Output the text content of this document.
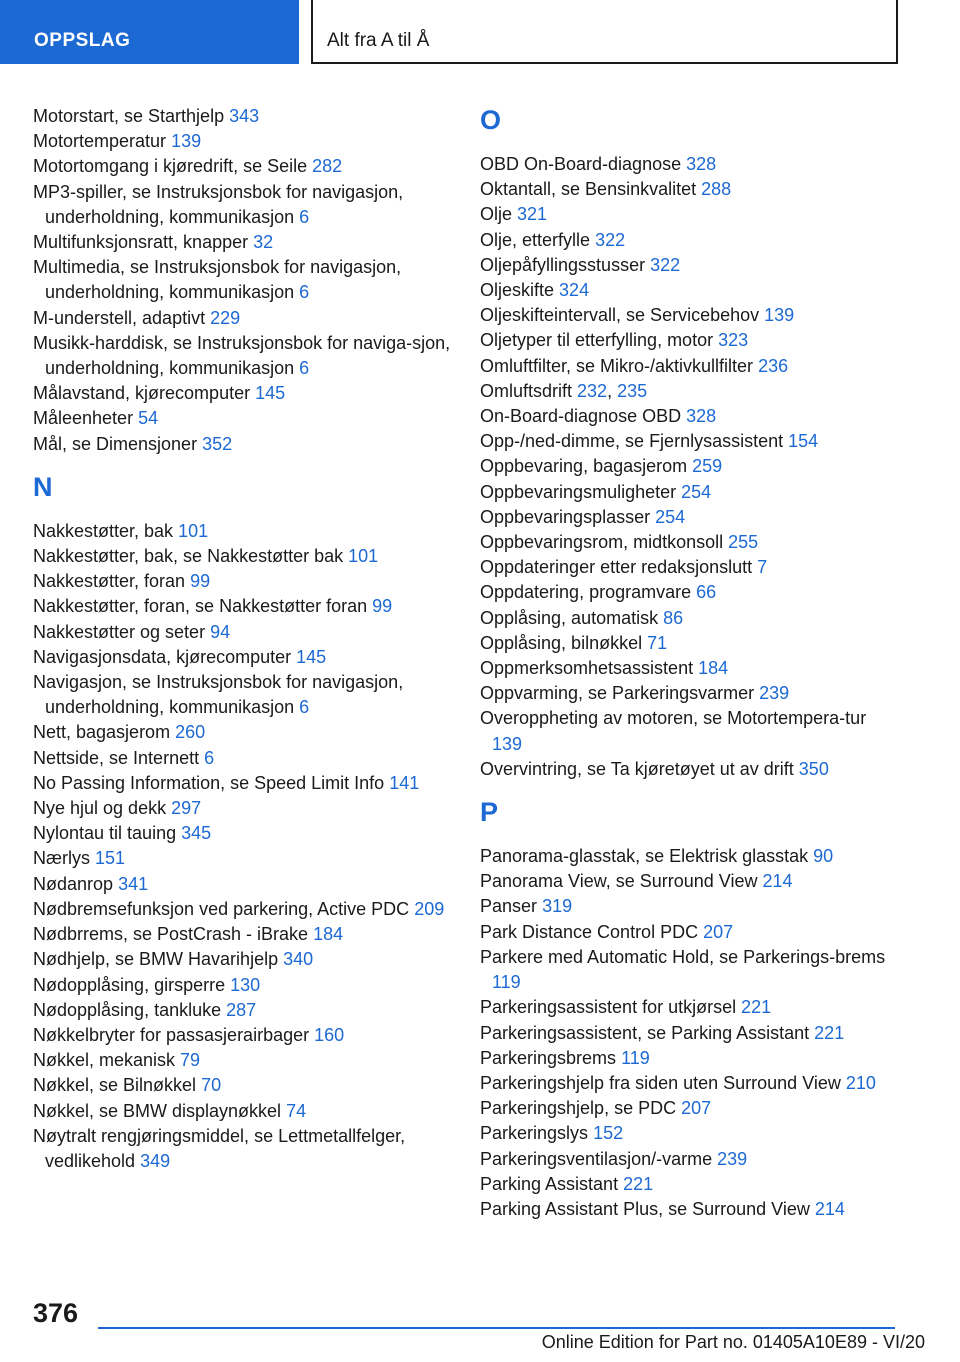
OPPSLAG	Alt fra A til Å
Motorstart, se Starthjelp 343
Motortemperatur 139
Motortomgang i kjøredrift, se Seile 282
MP3-spiller, se Instruksjonsbok for navigasjon, underholdning, kommunikasjon 6
Multifunksjonsratt, knapper 32
Multimedia, se Instruksjonsbok for navigasjon, underholdning, kommunikasjon 6
M-understell, adaptivt 229
Musikk-harddisk, se Instruksjonsbok for naviga‐sjon, underholdning, kommunikasjon 6
Målavstand, kjørecomputer 145
Måleenheter 54
Mål, se Dimensjoner 352
N
Nakkestøtter, bak 101
Nakkestøtter, bak, se Nakkestøtter bak 101
Nakkestøtter, foran 99
Nakkestøtter, foran, se Nakkestøtter foran 99
Nakkestøtter og seter 94
Navigasjonsdata, kjørecomputer 145
Navigasjon, se Instruksjonsbok for navigasjon, underholdning, kommunikasjon 6
Nett, bagasjerom 260
Nettside, se Internett 6
No Passing Information, se Speed Limit Info 141
Nye hjul og dekk 297
Nylontau til tauing 345
Nærlys 151
Nødanrop 341
Nødbremsefunksjon ved parkering, Active PDC 209
Nødbrrems, se PostCrash - iBrake 184
Nødhjelp, se BMW Havarihjelp 340
Nødopplåsing, girsperre 130
Nødopplåsing, tankluke 287
Nøkkelbryter for passasjerairbager 160
Nøkkel, mekanisk 79
Nøkkel, se Bilnøkkel 70
Nøkkel, se BMW displaynøkkel 74
Nøytralt rengjøringsmiddel, se Lettmetallfelger, vedlikehold 349
O
OBD On-Board-diagnose 328
Oktantall, se Bensinkvalitet 288
Olje 321
Olje, etterfylle 322
Oljepåfyllingsstusser 322
Oljeskifte 324
Oljeskifteintervall, se Servicebehov 139
Oljetyper til etterfylling, motor 323
Omluftfilter, se Mikro-/aktivkullfilter 236
Omluftsdrift 232, 235
On-Board-diagnose OBD 328
Opp-/ned-dimme, se Fjernlysassistent 154
Oppbevaring, bagasjerom 259
Oppbevaringsmuligheter 254
Oppbevaringsplasser 254
Oppbevaringsrom, midtkonsoll 255
Oppdateringer etter redaksjonslutt 7
Oppdatering, programvare 66
Opplåsing, automatisk 86
Opplåsing, bilnøkkel 71
Oppmerksomhetsassistent 184
Oppvarming, se Parkeringsvarmer 239
Overoppheting av motoren, se Motortempera‐tur 139
Overvintring, se Ta kjøretøyet ut av drift 350
P
Panorama-glasstak, se Elektrisk glasstak 90
Panorama View, se Surround View 214
Panser 319
Park Distance Control PDC 207
Parkere med Automatic Hold, se Parkerings‐brems 119
Parkeringsassistent for utkjørsel 221
Parkeringsassistent, se Parking Assistant 221
Parkeringsbrems 119
Parkeringshjelp fra siden uten Surround View 210
Parkeringshjelp, se PDC 207
Parkeringslys 152
Parkeringsventilasjon/-varme 239
Parking Assistant 221
Parking Assistant Plus, se Surround View 214
376
Online Edition for Part no. 01405A10E89 - VI/20
